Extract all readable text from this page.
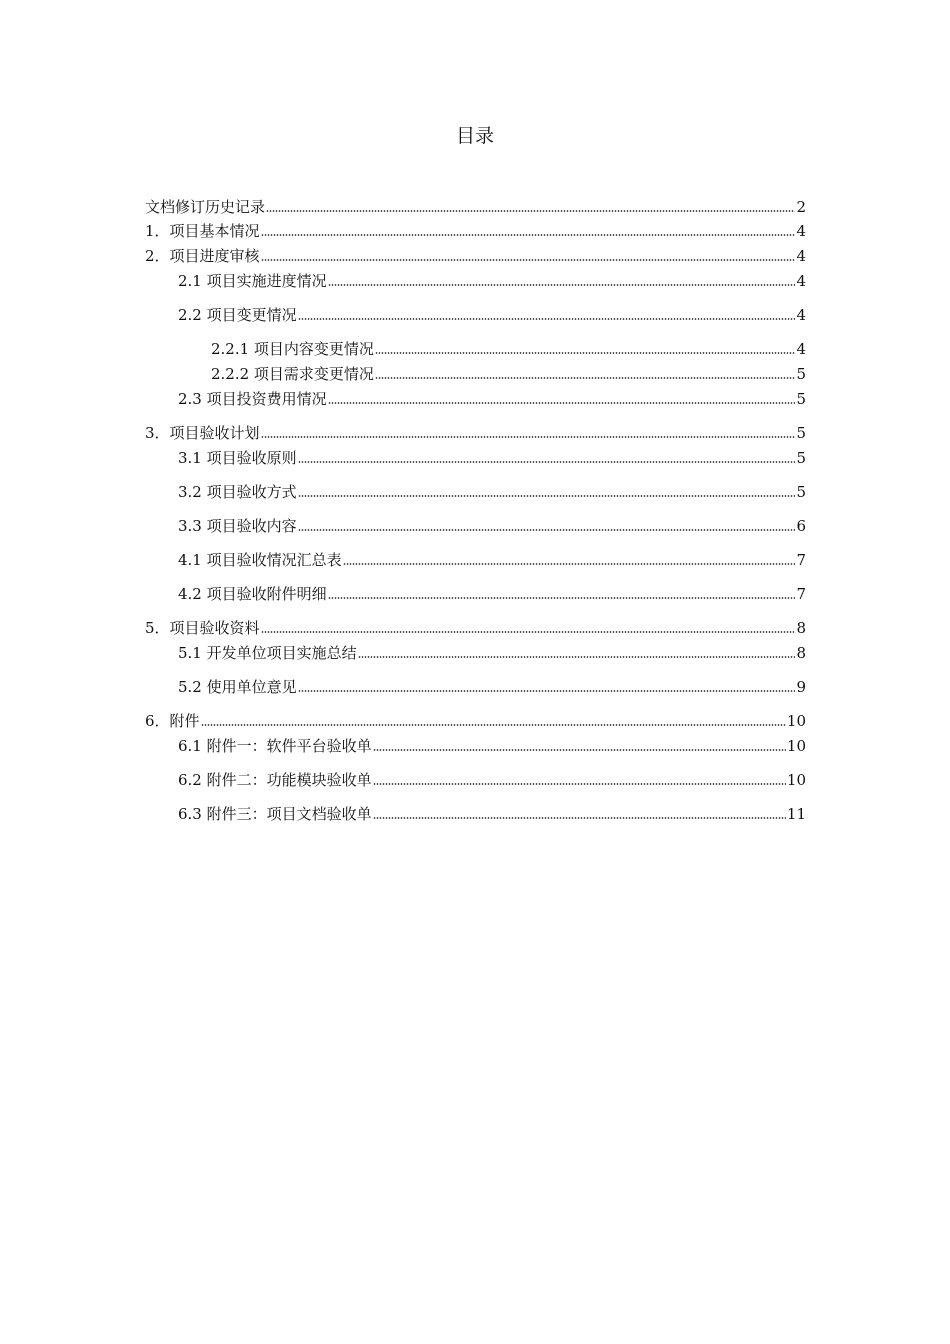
目录
文档修订历史记录	2
1．项目基本情况	4
2．项目进度审核	4
2.1 项目实施进度情况	4
2.2 项目变更情况	4
2.2.1 项目内容变更情况	4
2.2.2 项目需求变更情况	5
2.3 项目投资费用情况	5
3．项目验收计划	5
3.1 项目验收原则	5
3.2 项目验收方式	5
3.3 项目验收内容	6
4.1 项目验收情况汇总表	7
4.2 项目验收附件明细	7
5．项目验收资料	8
5.1 开发单位项目实施总结	8
5.2 使用单位意见	9
6．附件	10
6.1 附件一：软件平台验收单	10
6.2 附件二：功能模块验收单	10
6.3 附件三：项目文档验收单	11
